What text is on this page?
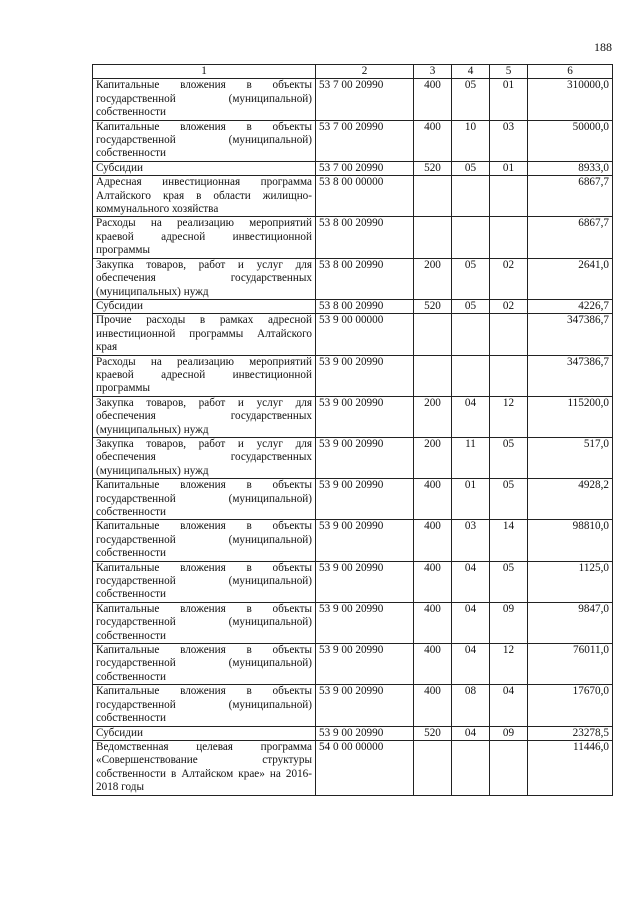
188
1	2	3	4	5	6
Капитальные вложения в объекты государственной (муниципальной) собственности	53 7 00 20990	400	05	01	310000,0
Капитальные вложения в объекты государственной (муниципальной) собственности	53 7 00 20990	400	10	03	50000,0
Субсидии	53 7 00 20990	520	05	01	8933,0
Адресная инвестиционная программа Алтайского края в области жилищно-коммунального хозяйства	53 8 00 00000				6867,7
Расходы на реализацию мероприятий краевой адресной инвестиционной программы	53 8 00 20990				6867,7
Закупка товаров, работ и услуг для обеспечения государственных (муниципальных) нужд	53 8 00 20990	200	05	02	2641,0
Субсидии	53 8 00 20990	520	05	02	4226,7
Прочие расходы в рамках адресной инвестиционной программы Алтайского края	53 9 00 00000				347386,7
Расходы на реализацию мероприятий краевой адресной инвестиционной программы	53 9 00 20990				347386,7
Закупка товаров, работ и услуг для обеспечения государственных (муниципальных) нужд	53 9 00 20990	200	04	12	115200,0
Закупка товаров, работ и услуг для обеспечения государственных (муниципальных) нужд	53 9 00 20990	200	11	05	517,0
Капитальные вложения в объекты государственной (муниципальной) собственности	53 9 00 20990	400	01	05	4928,2
Капитальные вложения в объекты государственной (муниципальной) собственности	53 9 00 20990	400	03	14	98810,0
Капитальные вложения в объекты государственной (муниципальной) собственности	53 9 00 20990	400	04	05	1125,0
Капитальные вложения в объекты государственной (муниципальной) собственности	53 9 00 20990	400	04	09	9847,0
Капитальные вложения в объекты государственной (муниципальной) собственности	53 9 00 20990	400	04	12	76011,0
Капитальные вложения в объекты государственной (муниципальной) собственности	53 9 00 20990	400	08	04	17670,0
Субсидии	53 9 00 20990	520	04	09	23278,5
Ведомственная целевая программа «Совершенствование структуры собственности в Алтайском крае» на 2016-2018 годы	54 0 00 00000				11446,0
